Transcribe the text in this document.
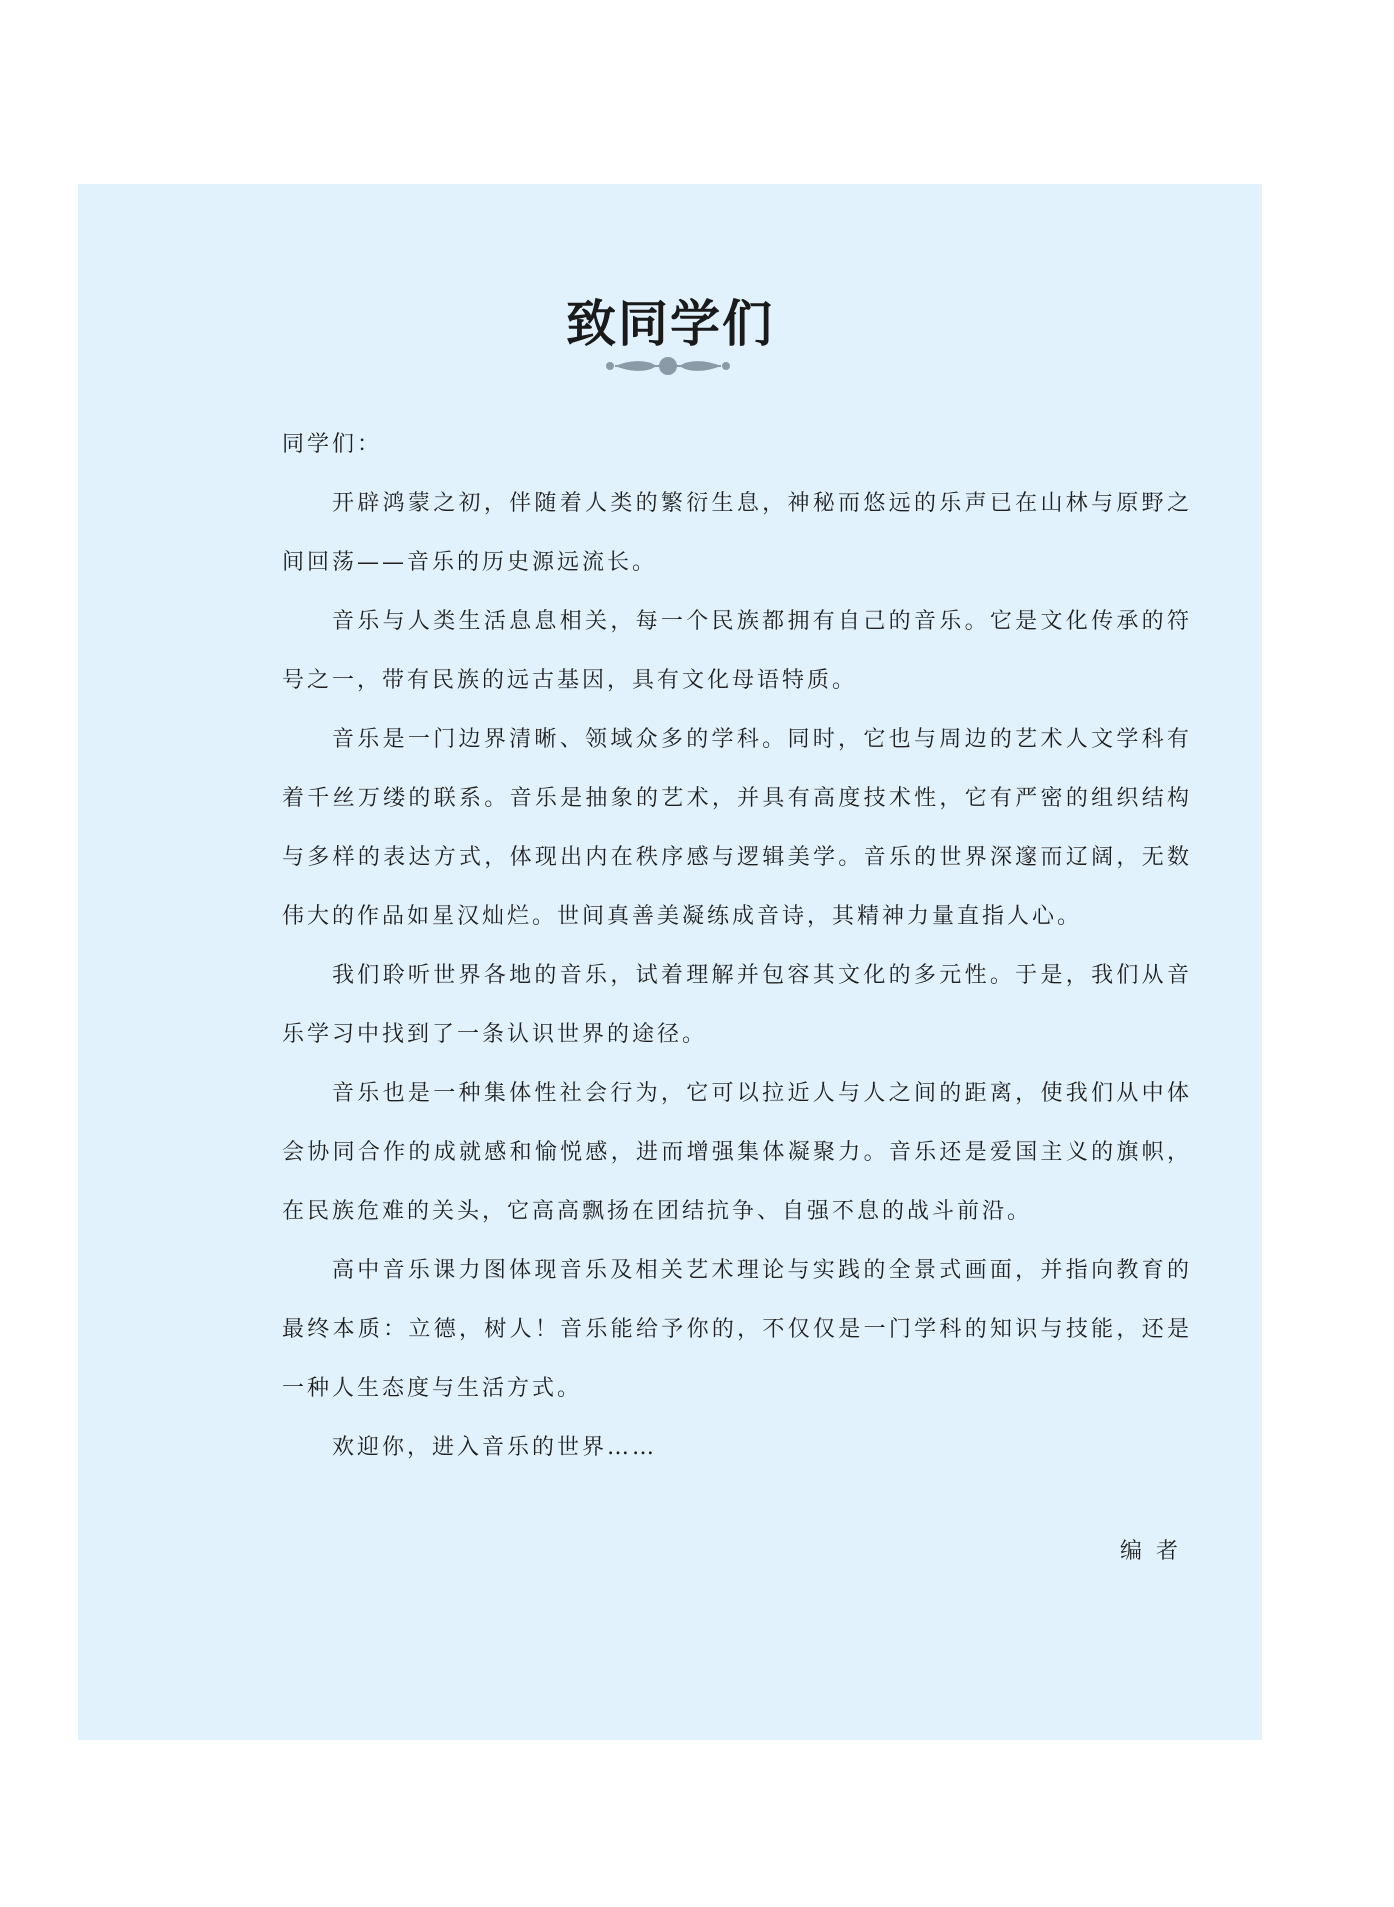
致同学们

同学们：

开辟鸿蒙之初，伴随着人类的繁衍生息，神秘而悠远的乐声已在山林与原野之间回荡——音乐的历史源远流长。

音乐与人类生活息息相关，每一个民族都拥有自己的音乐。它是文化传承的符号之一，带有民族的远古基因，具有文化母语特质。

音乐是一门边界清晰、领域众多的学科。同时，它也与周边的艺术人文学科有着千丝万缕的联系。音乐是抽象的艺术，并具有高度技术性，它有严密的组织结构与多样的表达方式，体现出内在秩序感与逻辑美学。音乐的世界深邃而辽阔，无数伟大的作品如星汉灿烂。世间真善美凝练成音诗，其精神力量直指人心。

我们聆听世界各地的音乐，试着理解并包容其文化的多元性。于是，我们从音乐学习中找到了一条认识世界的途径。

音乐也是一种集体性社会行为，它可以拉近人与人之间的距离，使我们从中体会协同合作的成就感和愉悦感，进而增强集体凝聚力。音乐还是爱国主义的旗帜，在民族危难的关头，它高高飘扬在团结抗争、自强不息的战斗前沿。

高中音乐课力图体现音乐及相关艺术理论与实践的全景式画面，并指向教育的最终本质：立德，树人！音乐能给予你的，不仅仅是一门学科的知识与技能，还是一种人生态度与生活方式。

欢迎你，进入音乐的世界……

编者
